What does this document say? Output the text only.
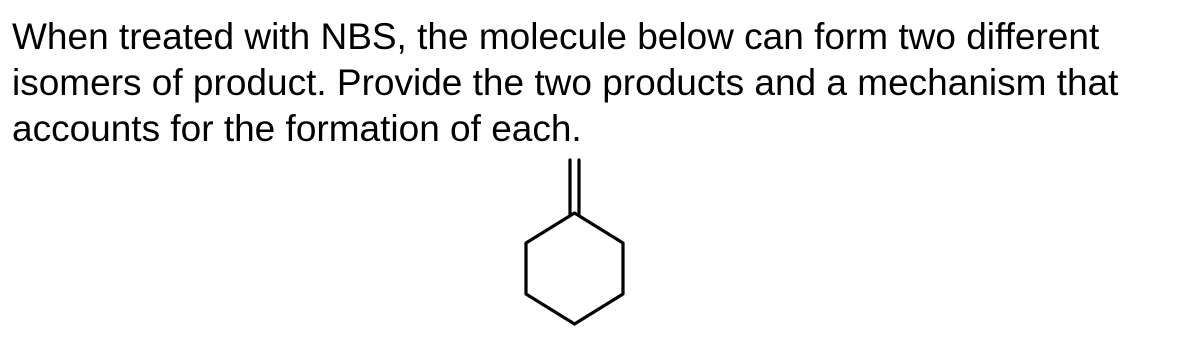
When treated with NBS, the molecule below can form two different
isomers of product. Provide the two products and a mechanism that
accounts for the formation of each.
